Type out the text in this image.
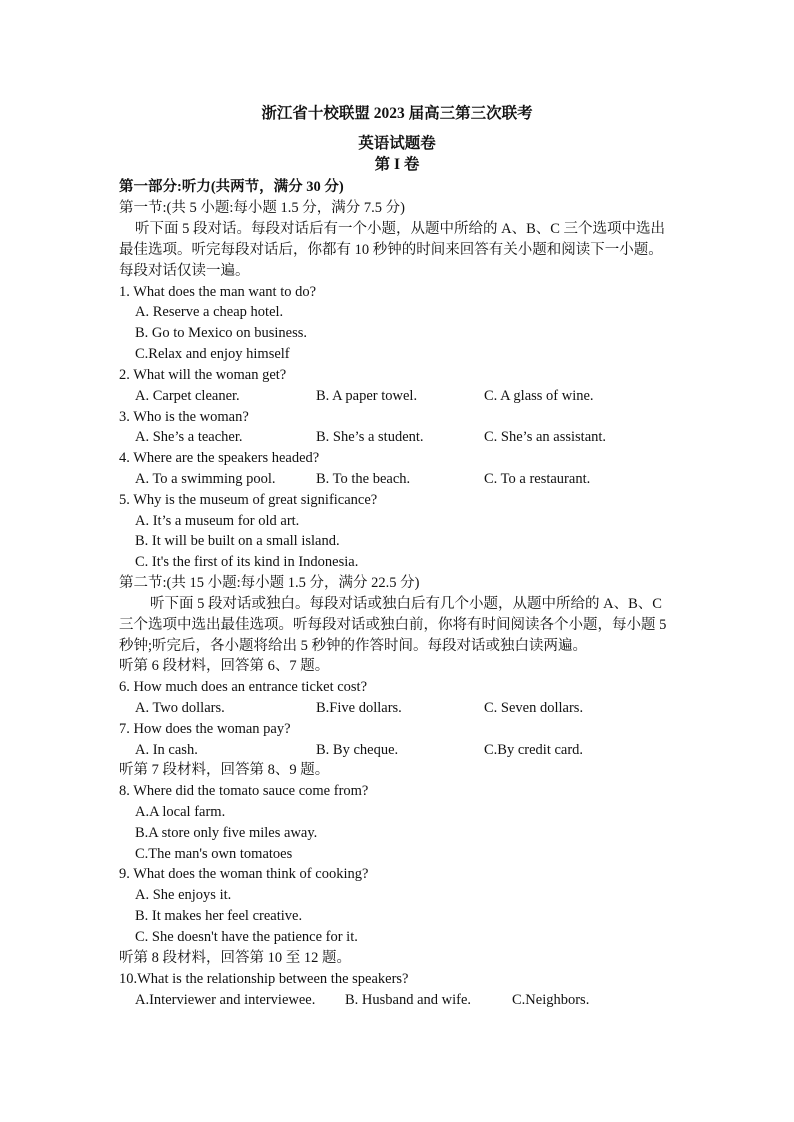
浙江省十校联盟 2023 届高三第三次联考
英语试题卷
第 I 卷
第一部分:听力(共两节，满分 30 分)
第一节:(共 5 小题:每小题 1.5 分，满分 7.5 分)
听下面 5 段对话。每段对话后有一个小题，从题中所给的 A、B、C 三个选项中选出
最佳选项。听完每段对话后，你都有 10 秒钟的时间来回答有关小题和阅读下一小题。
每段对话仅读一遍。
1. What does the man want to do?
A. Reserve a cheap hotel.
B. Go to Mexico on business.
C.Relax and enjoy himself
2. What will the woman get?
A. Carpet cleaner.	B. A paper towel.	C. A glass of wine.
3. Who is the woman?
A. She’s a teacher.	B. She’s a student.	C. She’s an assistant.
4. Where are the speakers headed?
A. To a swimming pool.	B. To the beach.	C. To a restaurant.
5. Why is the museum of great significance?
A. It’s a museum for old art.
B. It will be built on a small island.
C. It's the first of its kind in Indonesia.
第二节:(共 15 小题:每小题 1.5 分，满分 22.5 分)
听下面 5 段对话或独白。每段对话或独白后有几个小题，从题中所给的 A、B、C
三个选项中选出最佳选项。听每段对话或独白前，你将有时间阅读各个小题，每小题 5
秒钟;听完后，各小题将给出 5 秒钟的作答时间。每段对话或独白读两遍。
听第 6 段材料，回答第 6、7 题。
6. How much does an entrance ticket cost?
A. Two dollars.	B.Five dollars.	C. Seven dollars.
7. How does the woman pay?
A. In cash.	B. By cheque.	C.By credit card.
听第 7 段材料，回答第 8、9 题。
8. Where did the tomato sauce come from?
A.A local farm.
B.A store only five miles away.
C.The man's own tomatoes
9. What does the woman think of cooking?
A. She enjoys it.
B. It makes her feel creative.
C. She doesn't have the patience for it.
听第 8 段材料，回答第 10 至 12 题。
10.What is the relationship between the speakers?
A.Interviewer and interviewee. B. Husband and wife.	C.Neighbors.
